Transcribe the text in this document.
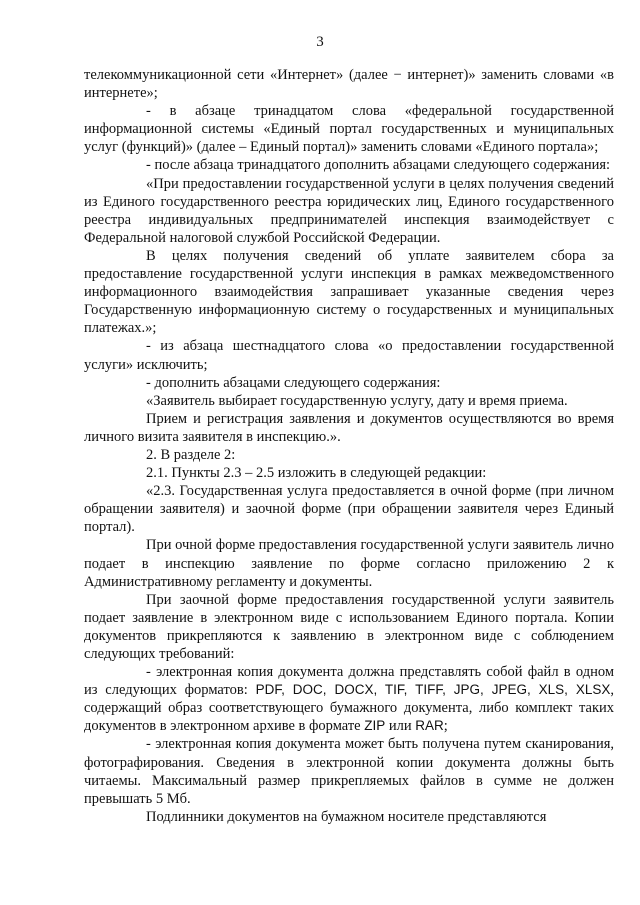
3

телекоммуникационной сети «Интернет» (далее − интернет)» заменить словами «в интернете»;

- в абзаце тринадцатом слова «федеральной государственной информационной системы «Единый портал государственных и муниципальных услуг (функций)» (далее – Единый портал)» заменить словами «Единого портала»;

- после абзаца тринадцатого дополнить абзацами следующего содержания:

«При предоставлении государственной услуги в целях получения сведений из Единого государственного реестра юридических лиц, Единого государственного реестра индивидуальных предпринимателей инспекция взаимодействует с Федеральной налоговой службой Российской Федерации.

В целях получения сведений об уплате заявителем сбора за предоставление государственной услуги инспекция в рамках межведомственного информационного взаимодействия запрашивает указанные сведения через Государственную информационную систему о государственных и муниципальных платежах.»;

- из абзаца шестнадцатого слова «о предоставлении государственной услуги» исключить;

- дополнить абзацами следующего содержания:

«Заявитель выбирает государственную услугу, дату и время приема.

Прием и регистрация заявления и документов осуществляются во время личного визита заявителя в инспекцию.».

2. В разделе 2:

2.1. Пункты 2.3 – 2.5 изложить в следующей редакции:

«2.3. Государственная услуга предоставляется в очной форме (при личном обращении заявителя) и заочной форме (при обращении заявителя через Единый портал).

При очной форме предоставления государственной услуги заявитель лично подает в инспекцию заявление по форме согласно приложению 2 к Административному регламенту и документы.

При заочной форме предоставления государственной услуги заявитель подает заявление в электронном виде с использованием Единого портала. Копии документов прикрепляются к заявлению в электронном виде с соблюдением следующих требований:

- электронная копия документа должна представлять собой файл в одном из следующих форматов: PDF, DOC, DOCX, TIF, TIFF, JPG, JPEG, XLS, XLSX, содержащий образ соответствующего бумажного документа, либо комплект таких документов в электронном архиве в формате ZIP или RAR;

- электронная копия документа может быть получена путем сканирования, фотографирования. Сведения в электронной копии документа должны быть читаемы. Максимальный размер прикрепляемых файлов в сумме не должен превышать 5 Мб.

Подлинники документов на бумажном носителе представляются
